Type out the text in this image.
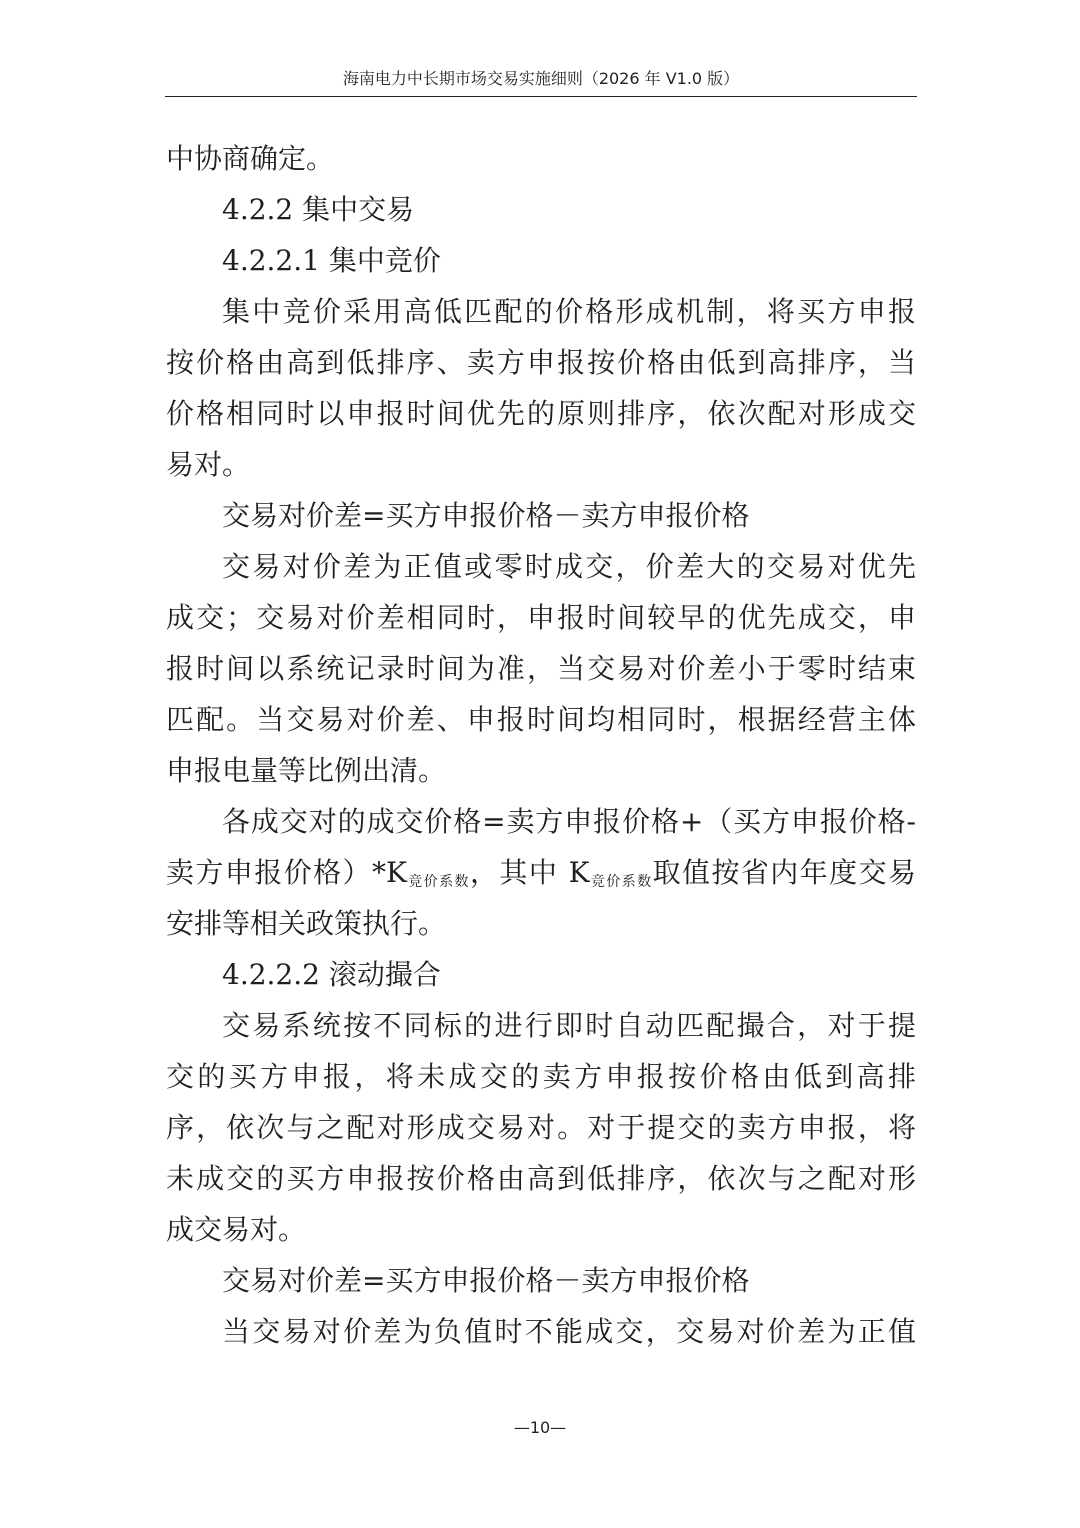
海南电力中长期市场交易实施细则（2026 年 V1.0 版）
中协商确定。
4.2.2 集中交易
4.2.2.1 集中竞价
集中竞价采用高低匹配的价格形成机制，将买方申报
按价格由高到低排序、卖方申报按价格由低到高排序，当
价格相同时以申报时间优先的原则排序，依次配对形成交
易对。
交易对价差=买方申报价格－卖方申报价格
交易对价差为正值或零时成交，价差大的交易对优先
成交；交易对价差相同时，申报时间较早的优先成交，申
报时间以系统记录时间为准，当交易对价差小于零时结束
匹配。当交易对价差、申报时间均相同时，根据经营主体
申报电量等比例出清。
各成交对的成交价格=卖方申报价格+（买方申报价格-
卖方申报价格）$*K_{竞价系数}$，其中 $K_{竞价系数}$取值按省内年度交易
安排等相关政策执行。
4.2.2.2 滚动撮合
交易系统按不同标的进行即时自动匹配撮合，对于提
交的买方申报，将未成交的卖方申报按价格由低到高排
序，依次与之配对形成交易对。对于提交的卖方申报，将
未成交的买方申报按价格由高到低排序，依次与之配对形
成交易对。
交易对价差=买方申报价格－卖方申报价格
当交易对价差为负值时不能成交，交易对价差为正值
—10—
